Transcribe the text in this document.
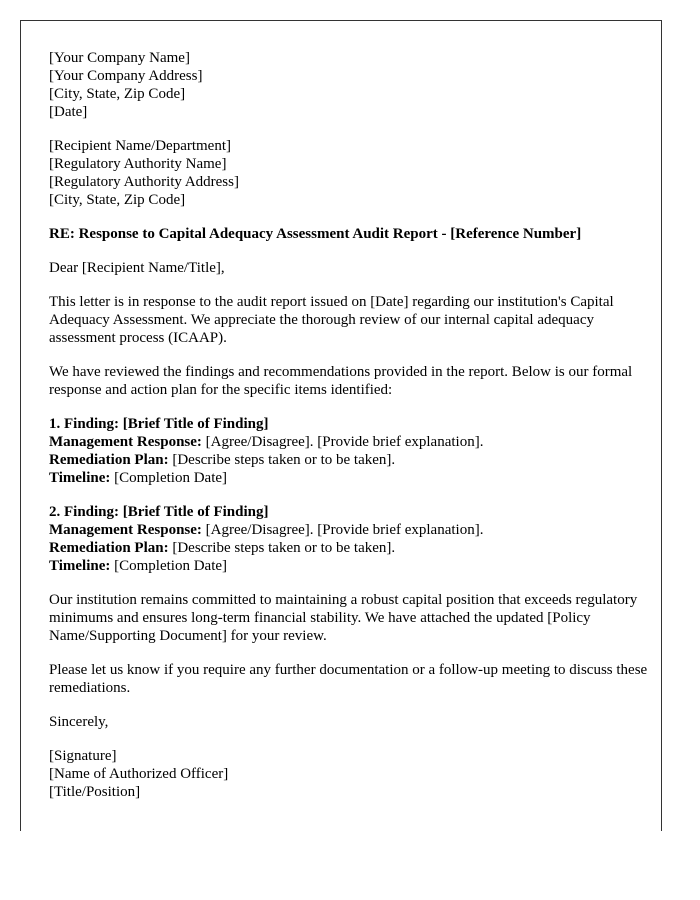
[Your Company Name]
[Your Company Address]
[City, State, Zip Code]
[Date]

[Recipient Name/Department]
[Regulatory Authority Name]
[Regulatory Authority Address]
[City, State, Zip Code]

RE: Response to Capital Adequacy Assessment Audit Report - [Reference Number]

Dear [Recipient Name/Title],

This letter is in response to the audit report issued on [Date] regarding our institution's Capital Adequacy Assessment. We appreciate the thorough review of our internal capital adequacy assessment process (ICAAP).

We have reviewed the findings and recommendations provided in the report. Below is our formal response and action plan for the specific items identified:

1. Finding: [Brief Title of Finding]
Management Response: [Agree/Disagree]. [Provide brief explanation].
Remediation Plan: [Describe steps taken or to be taken].
Timeline: [Completion Date]

2. Finding: [Brief Title of Finding]
Management Response: [Agree/Disagree]. [Provide brief explanation].
Remediation Plan: [Describe steps taken or to be taken].
Timeline: [Completion Date]

Our institution remains committed to maintaining a robust capital position that exceeds regulatory minimums and ensures long-term financial stability. We have attached the updated [Policy Name/Supporting Document] for your review.

Please let us know if you require any further documentation or a follow-up meeting to discuss these remediations.

Sincerely,

[Signature]
[Name of Authorized Officer]
[Title/Position]
